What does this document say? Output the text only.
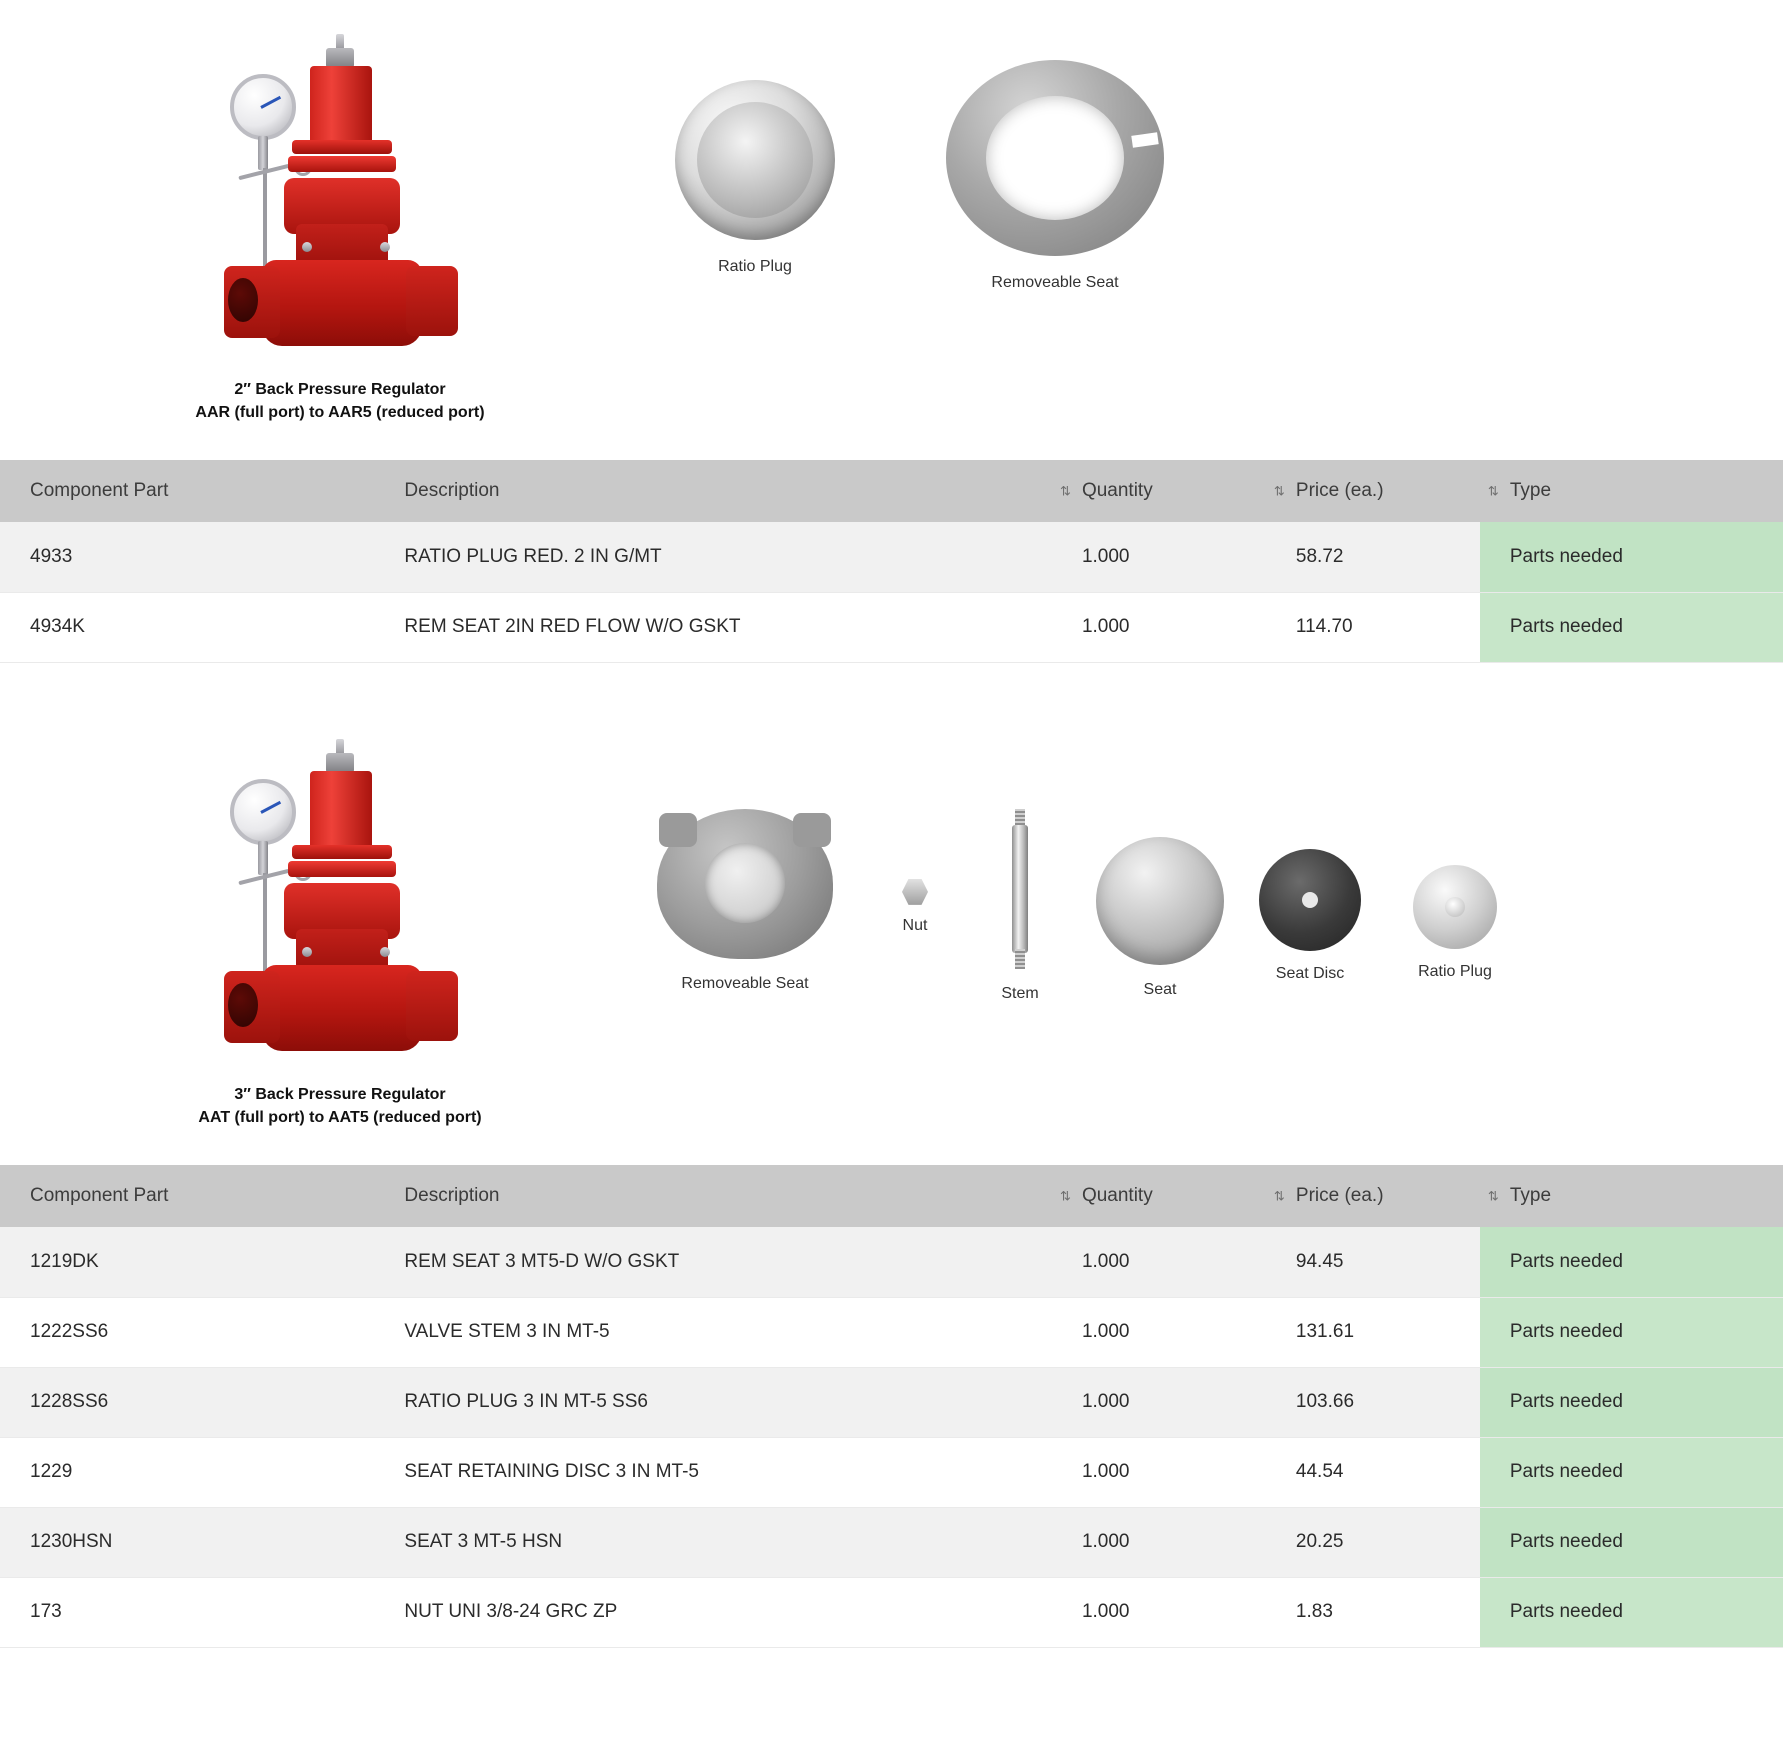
2″ Back Pressure Regulator
AAR (full port) to AAR5 (reduced port)
Ratio Plug
Removeable Seat
Component Part	Description	⇅ Quantity	⇅ Price (ea.)	⇅ Type
4933	RATIO PLUG RED. 2 IN G/MT	1.000	58.72	Parts needed
4934K	REM SEAT 2IN RED FLOW W/O GSKT	1.000	114.70	Parts needed
3″ Back Pressure Regulator
AAT (full port) to AAT5 (reduced port)
Removeable Seat
Nut
Stem	Seat
Seat Disc	Ratio Plug
Component Part	Description	⇅ Quantity	⇅ Price (ea.)	⇅ Type
1219DK	REM SEAT 3 MT5-D W/O GSKT	1.000	94.45	Parts needed
1222SS6	VALVE STEM 3 IN MT-5	1.000	131.61	Parts needed
1228SS6	RATIO PLUG 3 IN MT-5 SS6	1.000	103.66	Parts needed
1229	SEAT RETAINING DISC 3 IN MT-5	1.000	44.54	Parts needed
1230HSN	SEAT 3 MT-5 HSN	1.000	20.25	Parts needed
173	NUT UNI 3/8-24 GRC ZP	1.000	1.83	Parts needed
